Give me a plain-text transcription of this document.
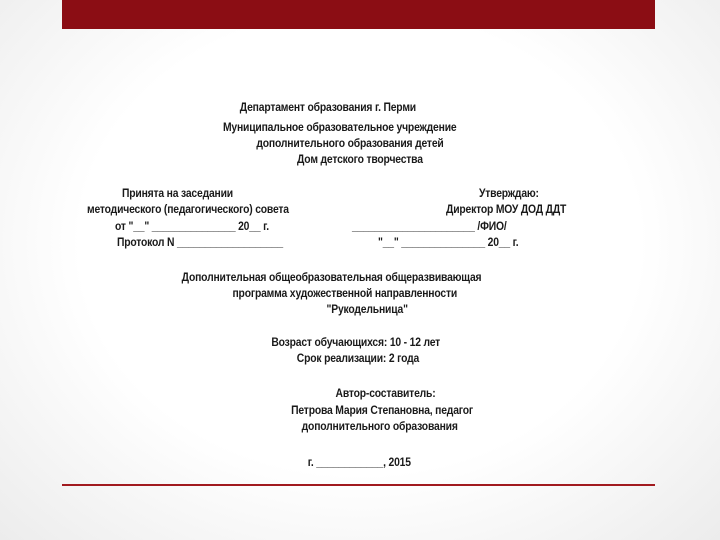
Департамент образования г. Перми
Муниципальное образовательное учреждение
дополнительного образования детей
Дом детского творчества
Принята на заседании
методического (педагогического) совета
от "__" _______________ 20__ г.
Протокол N ___________________
Утверждаю:
Директор МОУ ДОД ДДТ
______________________ /ФИО/
"__" _______________ 20__ г.
Дополнительная общеобразовательная общеразвивающая
программа художественной направленности
"Рукодельница"
Возраст обучающихся: 10 - 12 лет
Срок реализации: 2 года
Автор-составитель:
Петрова Мария Степановна, педагог
дополнительного образования
г. ____________, 2015
